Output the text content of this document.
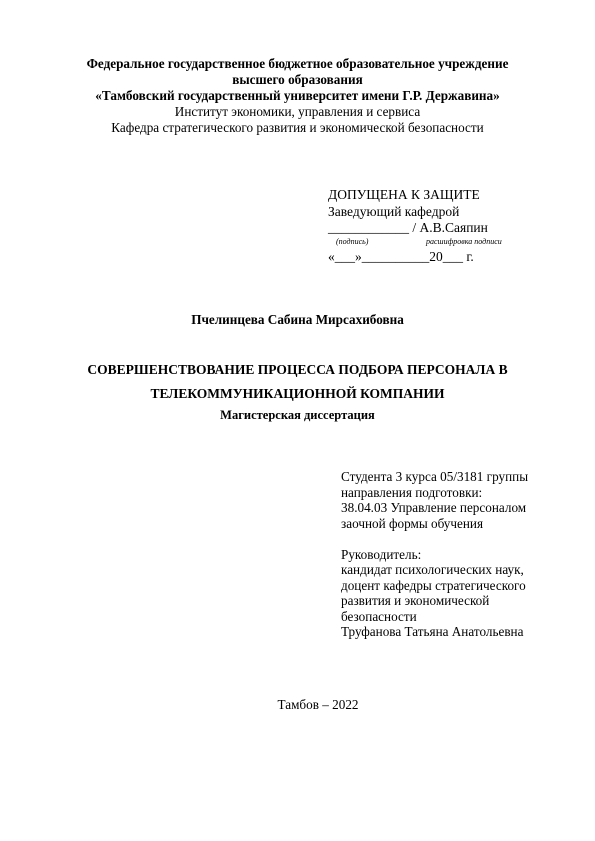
Федеральное государственное бюджетное образовательное учреждение
высшего образования
«Тамбовский государственный университет имени Г.Р. Державина»
Институт экономики, управления и сервиса
Кафедра стратегического развития и экономической безопасности
ДОПУЩЕНА К ЗАЩИТЕ
Заведующий кафедрой
____________ / А.В.Саяпин
(подпись)	расшифровка подписи
«___»__________20___ г.
Пчелинцева Сабина Мирсахибовна
СОВЕРШЕНСТВОВАНИЕ ПРОЦЕССА ПОДБОРА ПЕРСОНАЛА В
ТЕЛЕКОММУНИКАЦИОННОЙ КОМПАНИИ
Магистерская диссертация
Студента 3 курса 05/3181 группы
направления подготовки:
38.04.03 Управление персоналом
заочной формы обучения
Руководитель:
кандидат психологических наук,
доцент кафедры стратегического
развития и экономической
безопасности
Труфанова Татьяна Анатольевна
Тамбов – 2022
